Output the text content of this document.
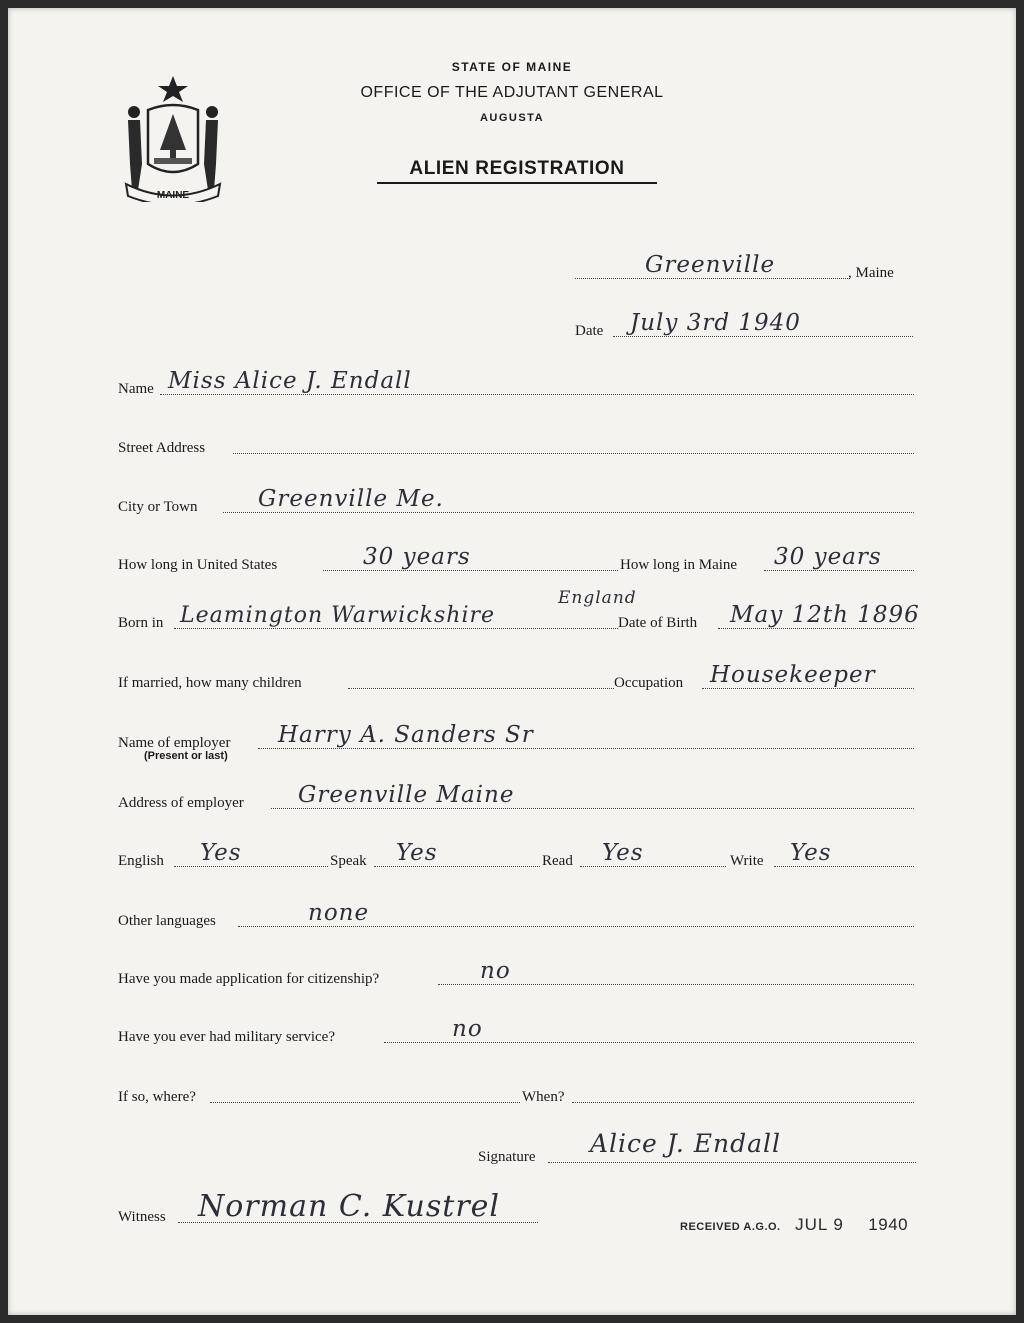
STATE OF MAINE
OFFICE OF THE ADJUTANT GENERAL
AUGUSTA
ALIEN REGISTRATION
MAINE
Greenville	, Maine
Date July 3rd 1940
Name Miss Alice J. Endall
Street Address
City or Town	Greenville Me.
How long in United States	30 years	How long in Maine 30 years
Born in Leamington Warwickshire
England
Date of Birth May 12th 1896
If married, how many children	Occupation Housekeeper
Name of employer Harry A. Sanders Sr
(Present or last)
Address of employer Greenville Maine
English Yes	Speak Yes	Read Yes	Write Yes
Other languages	none
Have you made application for citizenship?	no
Have you ever had military service?	no
If so, where?	When?
Signature Alice J. Endall
Witness Norman C. Kustrel
RECEIVED A.G.O. JUL 9 1940
